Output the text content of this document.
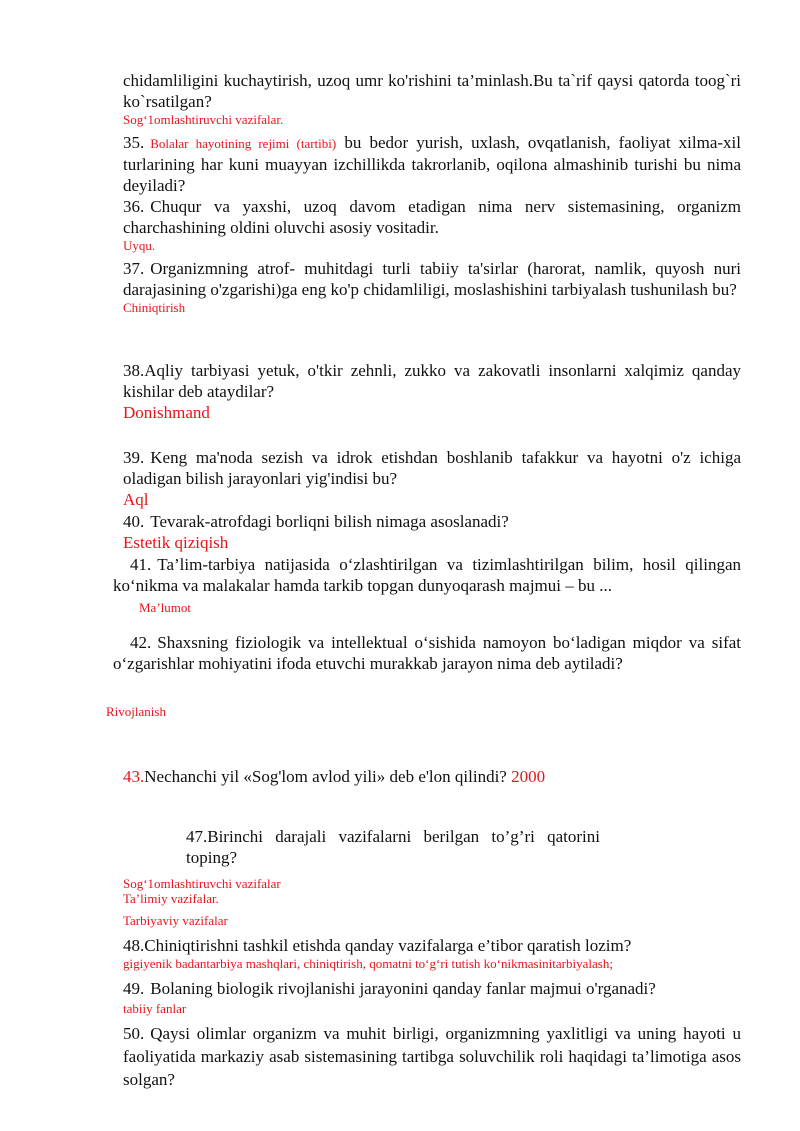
chidamliligini kuchaytirish, uzoq umr ko'rishini ta’minlash.Bu ta`rif qaysi qatorda toog`ri ko`rsatilgan?

Sog‘1omlashtiruvchi vazifalar.

35. Bolalar hayotining rejimi (tartibi) bu bedor yurish, uxlash, ovqatlanish, faoliyat xilma-xil turlarining har kuni muayyan izchillikda takrorlanib, oqilona almashinib turishi bu nima deyiladi?

36. Chuqur va yaxshi, uzoq davom etadigan nima nerv sistemasining, organizm charchashining oldini oluvchi asosiy vositadir.

Uyqu.

37. Organizmning atrof- muhitdagi turli tabiiy ta'sirlar (harorat, namlik, quyosh nuri darajasining o'zgarishi)ga eng ko'p chidamliligi, moslashishini tarbiyalash tushunilash bu?

Chiniqtirish

38.Aqliy tarbiyasi yetuk, o'tkir zehnli, zukko va zakovatli insonlarni xalqimiz qanday kishilar deb ataydilar?

Donishmand

39. Keng ma'noda sezish va idrok etishdan boshlanib tafakkur va hayotni o'z ichiga oladigan bilish jarayonlari yig'indisi bu?

Aql

40. Tevarak-atrofdagi borliqni bilish nimaga asoslanadi?

Estetik qiziqish

41. Ta’lim-tarbiya natijasida o‘zlashtirilgan va tizimlashtirilgan bilim, hosil qilingan ko‘nikma va malakalar hamda tarkib topgan dunyoqarash majmui – bu ...

Ma’lumot

42. Shaxsning fiziologik va intellektual o‘sishida namoyon bo‘ladigan miqdor va sifat o‘zgarishlar mohiyatini ifoda etuvchi murakkab jarayon nima deb aytiladi?

Rivojlanish

43.Nechanchi yil «Sog'lom avlod yili» deb e'lon qilindi? 2000

47.Birinchi darajali vazifalarni berilgan to’g’ri qatorini toping?

Sog‘1omlashtiruvchi vazifalar

Ta’limiy vazifalar.

Tarbiyaviy vazifalar

48.Chiniqtirishni tashkil etishda qanday vazifalarga e’tibor qaratish lozim?

gigiyenik badantarbiya mashqlari, chiniqtirish, qomatni to‘g‘ri tutish ko‘nikmasinitarbiyalash;

49. Bolaning biologik rivojlanishi jarayonini qanday fanlar majmui o'rganadi?

tabiiy fanlar

50. Qaysi olimlar organizm va muhit birligi, organizmning yaxlitligi va uning hayoti u faoliyatida markaziy asab sistemasining tartibga soluvchilik roli haqidagi ta’limotiga asos solgan?
